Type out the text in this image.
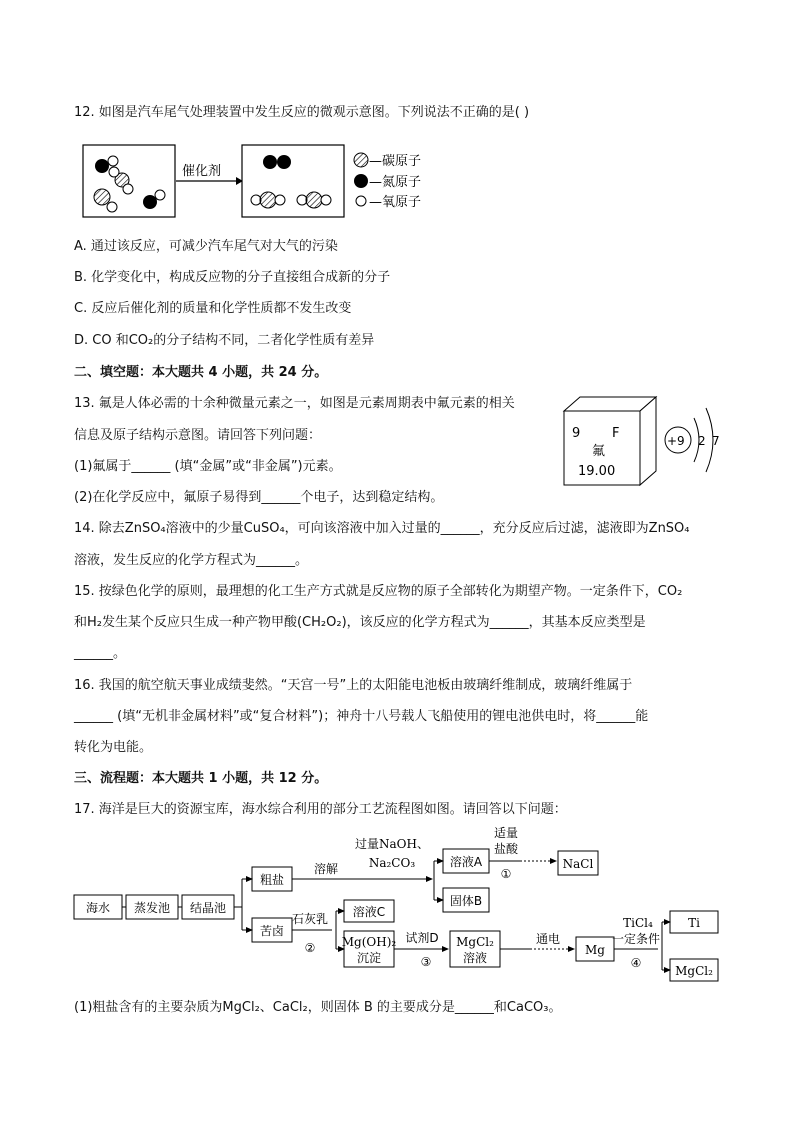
12. 如图是汽车尾气处理装置中发生反应的微观示意图。下列说法不正确的是( )
催化剂
—碳原子
—氮原子
—氧原子
A. 通过该反应，可减少汽车尾气对大气的污染
B. 化学变化中，构成反应物的分子直接组合成新的分子
C. 反应后催化剂的质量和化学性质都不发生改变
D. CO 和CO₂的分子结构不同，二者化学性质有差异
二、填空题：本大题共 4 小题，共 24 分。
13. 氟是人体必需的十余种微量元素之一，如图是元素周期表中氟元素的相关
信息及原子结构示意图。请回答下列问题：
(1)氟属于______ (填“金属”或“非金属”)元素。
(2)在化学反应中，氟原子易得到______个电子，达到稳定结构。
9 F
氟
19.00
+9 2 7
14. 除去ZnSO₄溶液中的少量CuSO₄，可向该溶液中加入过量的______，充分反应后过滤，滤液即为ZnSO₄
溶液，发生反应的化学方程式为______。
15. 按绿色化学的原则，最理想的化工生产方式就是反应物的原子全部转化为期望产物。一定条件下，CO₂
和H₂发生某个反应只生成一种产物甲酸(CH₂O₂)，该反应的化学方程式为______，其基本反应类型是
______。
16. 我国的航空航天事业成绩斐然。“天宫一号”上的太阳能电池板由玻璃纤维制成，玻璃纤维属于
______ (填“无机非金属材料”或“复合材料”)；神舟十八号载人飞船使用的锂电池供电时，将______能
转化为电能。
三、流程题：本大题共 1 小题，共 12 分。
17. 海洋是巨大的资源宝库，海水综合利用的部分工艺流程图如图。请回答以下问题：
海水 蒸发池 结晶池
粗盐
苦卤
溶解
过量NaOH、
Na₂CO₃	溶液A
固体B
适量
盐酸
①
NaCl
石灰乳
②
溶液C
Mg(OH)₂
沉淀
试剂D
③
MgCl₂
溶液
通电
Mg
TiCl₄
一定条件
④
Ti
MgCl₂
(1)粗盐含有的主要杂质为MgCl₂、CaCl₂，则固体 B 的主要成分是______和CaCO₃。
